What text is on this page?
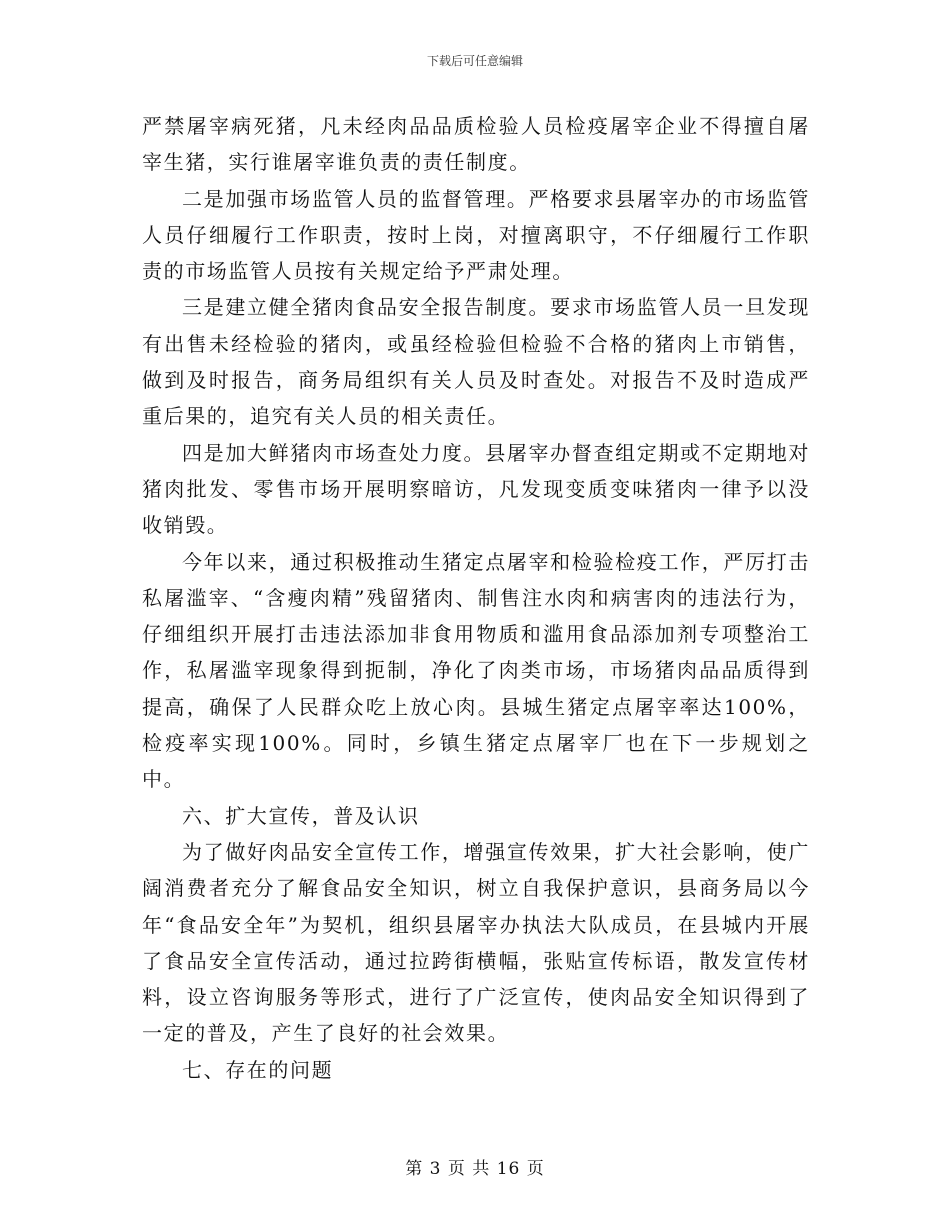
下载后可任意编辑

严禁屠宰病死猪，凡未经肉品品质检验人员检疫屠宰企业不得擅自屠宰生猪，实行谁屠宰谁负责的责任制度。

二是加强市场监管人员的监督管理。严格要求县屠宰办的市场监管人员仔细履行工作职责，按时上岗，对擅离职守，不仔细履行工作职责的市场监管人员按有关规定给予严肃处理。

三是建立健全猪肉食品安全报告制度。要求市场监管人员一旦发现有出售未经检验的猪肉，或虽经检验但检验不合格的猪肉上市销售，做到及时报告，商务局组织有关人员及时查处。对报告不及时造成严重后果的，追究有关人员的相关责任。

四是加大鲜猪肉市场查处力度。县屠宰办督查组定期或不定期地对猪肉批发、零售市场开展明察暗访，凡发现变质变味猪肉一律予以没收销毁。

今年以来，通过积极推动生猪定点屠宰和检验检疫工作，严厉打击私屠滥宰、“含瘦肉精”残留猪肉、制售注水肉和病害肉的违法行为，仔细组织开展打击违法添加非食用物质和滥用食品添加剂专项整治工作，私屠滥宰现象得到扼制，净化了肉类市场，市场猪肉品品质得到提高，确保了人民群众吃上放心肉。县城生猪定点屠宰率达100%，检疫率实现100%。同时，乡镇生猪定点屠宰厂也在下一步规划之中。

六、扩大宣传，普及认识

为了做好肉品安全宣传工作，增强宣传效果，扩大社会影响，使广阔消费者充分了解食品安全知识，树立自我保护意识，县商务局以今年“食品安全年”为契机，组织县屠宰办执法大队成员，在县城内开展了食品安全宣传活动，通过拉跨街横幅，张贴宣传标语，散发宣传材料，设立咨询服务等形式，进行了广泛宣传，使肉品安全知识得到了一定的普及，产生了良好的社会效果。

七、存在的问题

第 3 页 共 16 页
